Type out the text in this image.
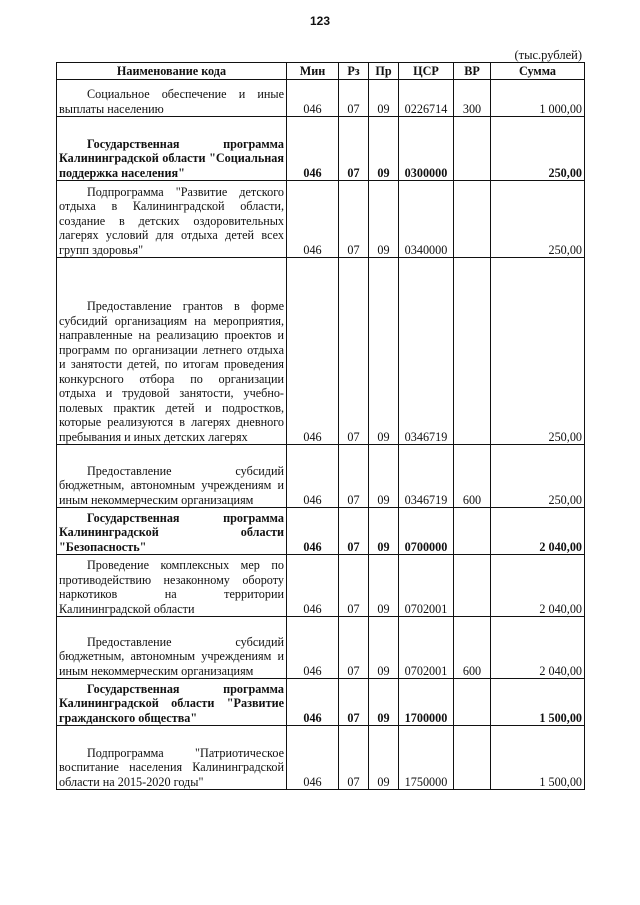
123
(тыс.рублей)
Наименование кода	Мин	Рз	Пр	ЦСР	ВР	Сумма

Социальное обеспечение и иные выплаты населению	046	07	09	0226714	300	1 000,00

Государственная программа Калининградской области "Социальная поддержка населения"	046	07	09	0300000		250,00

Подпрограмма "Развитие детского отдыха в Калининградской области, создание в детских оздоровительных лагерях условий для отдыха детей всех групп здоровья"	046	07	09	0340000		250,00

Предоставление грантов в форме субсидий организациям на мероприятия, направленные на реализацию проектов и программ по организации летнего отдыха и занятости детей, по итогам проведения конкурсного отбора по организации отдыха и трудовой занятости, учебно-полевых практик детей и подростков, которые реализуются в лагерях дневного пребывания и иных детских лагерях	046	07	09	0346719		250,00

Предоставление субсидий бюджетным, автономным учреждениям и иным некоммерческим организациям	046	07	09	0346719	600	250,00

Государственная программа Калининградской области "Безопасность"	046	07	09	0700000		2 040,00

Проведение комплексных мер по противодействию незаконному обороту наркотиков на территории Калининградской области	046	07	09	0702001		2 040,00

Предоставление субсидий бюджетным, автономным учреждениям и иным некоммерческим организациям	046	07	09	0702001	600	2 040,00

Государственная программа Калининградской области "Развитие гражданского общества"	046	07	09	1700000		1 500,00

Подпрограмма "Патриотическое воспитание населения Калининградской области на 2015-2020 годы"	046	07	09	1750000		1 500,00
